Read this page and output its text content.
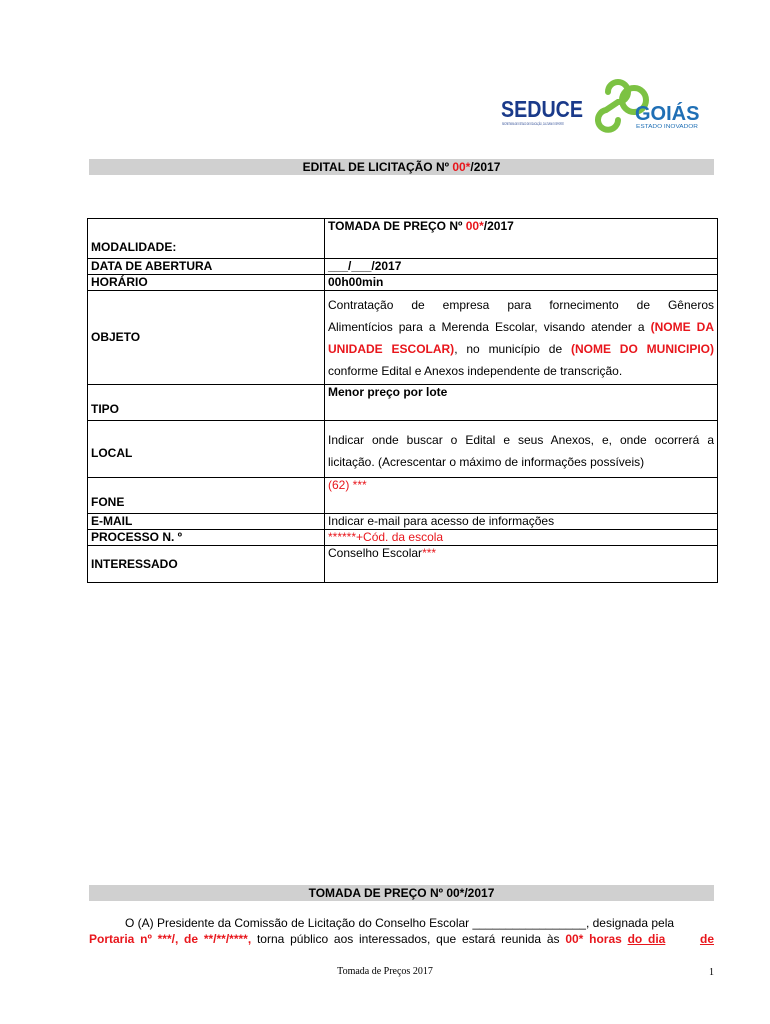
SEDUCE
SECRETARIA DE ESTADO DE EDUCAÇÃO, CULTURA E ESPORTE GOIÁS
ESTADO INOVADOR
EDITAL DE LICITAÇÃO Nº 00*/2017
MODALIDADE:	TOMADA DE PREÇO Nº 00*/2017
DATA DE ABERTURA	___/___/2017
HORÁRIO	00h00min
OBJETO	Contratação de empresa para fornecimento de Gêneros
Alimentícios para a Merenda Escolar, visando atender a (NOME DA
UNIDADE ESCOLAR), no município de (NOME DO MUNICIPIO)
conforme Edital e Anexos independente de transcrição.

TIPO	Menor preço por lote
LOCAL	Indicar onde buscar o Edital e seus Anexos, e, onde ocorrerá a
licitação. (Acrescentar o máximo de informações possíveis)

FONE	(62) ***
E-MAIL	Indicar e-mail para acesso de informações
PROCESSO N. º	******+Cód. da escola
INTERESSADO	Conselho Escolar***
TOMADA DE PREÇO Nº 00*/2017

O (A) Presidente da Comissão de Licitação do Conselho Escolar _________________, designada pela

Portaria nº ***/, de **/**/****, torna público aos interessados, que estará reunida às 00* horas do dia	de

Tomada de Preços 2017	1
